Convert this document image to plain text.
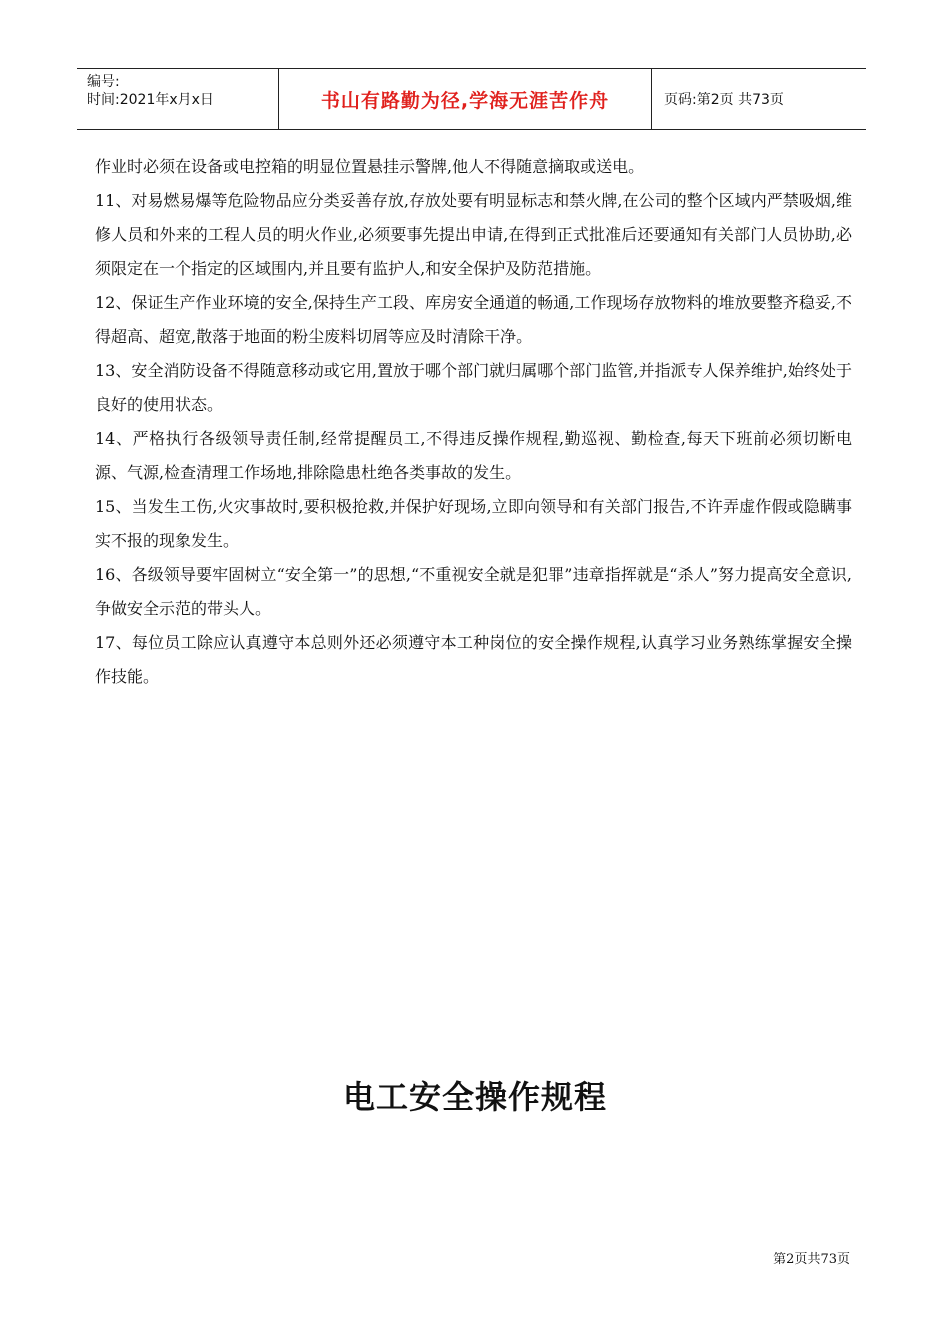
编号:
时间:2021年x月x日	书山有路勤为径,学海无涯苦作舟	页码:第2页 共73页

作业时必须在设备或电控箱的明显位置悬挂示警牌,他人不得随意摘取或送电。

11、对易燃易爆等危险物品应分类妥善存放,存放处要有明显标志和禁火牌,在公司的整个区域内严禁吸烟,维修人员和外来的工程人员的明火作业,必须要事先提出申请,在得到正式批准后还要通知有关部门人员协助,必须限定在一个指定的区域围内,并且要有监护人,和安全保护及防范措施。

12、保证生产作业环境的安全,保持生产工段、库房安全通道的畅通,工作现场存放物料的堆放要整齐稳妥,不得超高、超宽,散落于地面的粉尘废料切屑等应及时清除干净。

13、安全消防设备不得随意移动或它用,置放于哪个部门就归属哪个部门监管,并指派专人保养维护,始终处于良好的使用状态。

14、严格执行各级领导责任制,经常提醒员工,不得违反操作规程,勤巡视、勤检查,每天下班前必须切断电源、气源,检查清理工作场地,排除隐患杜绝各类事故的发生。

15、当发生工伤,火灾事故时,要积极抢救,并保护好现场,立即向领导和有关部门报告,不许弄虚作假或隐瞒事实不报的现象发生。

16、各级领导要牢固树立“安全第一”的思想,“不重视安全就是犯罪”违章指挥就是“杀人”努力提高安全意识,争做安全示范的带头人。

17、每位员工除应认真遵守本总则外还必须遵守本工种岗位的安全操作规程,认真学习业务熟练掌握安全操作技能。

电工安全操作规程
第2页共73页
